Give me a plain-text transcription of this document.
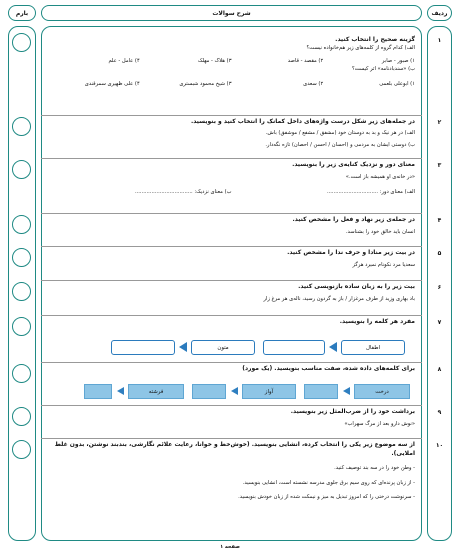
ردیف
شرح سوالات
بارم
۱
۲
۳
۴
۵
۶
۷
۸
۹
۱۰
گزینه صحیح را انتخاب کنید.
الف) کدام گروه از کلمه‌های زیر هم‌خانواده نیست؟
۱) صبور - صابر
۲) مقصد - قاصد
۳) هلاک - مهلک
۴) عامل - علم
ب) «سندبادنامه» اثر کیست؟
۱) ابوعلی بلعمی
۲) سعدی
۳) شیخ محمود شبستری
۴) علی ظهیری سمرقندی
در جمله‌های زیر شکل درست واژه‌های داخل کمانک را انتخاب کنید و بنویسید.
الف) در هر نیک و بد به دوستان خود (مشفق / مشفع / موشفق) باش.
ب) دوستی ایشان به مردمی و (احسان / احسن / احصان) تازه نگه‌دار.
معنای دور و نزدیک کنایه‌ی زیر را بنویسید.
«در خانه‌ی او همیشه باز است.»
الف) معنای دور: ...............................
ب) معنای نزدیک: ...................................
در جمله‌ی زیر نهاد و فعل را مشخص کنید.
انسان باید خالق خود را بشناسد.
در بیت زیر منادا و حرف ندا را مشخص کنید.
سعدیا مرد نکونام نمیرد هرگز
بیت زیر را به زبان ساده بازنویسی کنید.
باد بهاری وزید از طرف مرغزار / باز به گردون رسید، ناله‌ی هر مرغ زار
مفرد هر کلمه را بنویسید.
اطفال
متون
برای کلمه‌های داده شده، صفت مناسب بنویسید. (یک مورد)
درخت
آواز
فرشته
برداشت خود را از ضرب‌المثل زیر بنویسید.
«نوش دارو بعد از مرگ سهراب»
از سه موضوع زیر یکی را انتخاب کرده، انشایی بنویسید. (خوش‌خط و خوانا، رعایت علائم نگارشی، بندبند نوشتن، بدون غلط املایی).
- وطن خود را در سه بند توصیف کنید.
- از زبان پرنده‌ای که روی سیم برق جلوی مدرسه نشسته است، انشایی بنویسید.
- سرنوشت درختی را که امروز تبدیل به میز و نیمکت شده از زبان خودش بنویسید.
صفحه ۱
